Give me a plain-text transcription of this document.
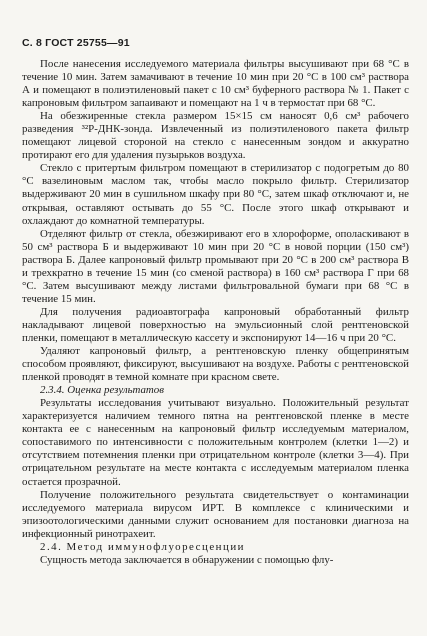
С. 8 ГОСТ 25755—91

После нанесения исследуемого материала фильтры высушивают при 68 °С в течение 10 мин. Затем замачивают в течение 10 мин при 20 °С в 100 см³ раствора А и помещают в полиэтиленовый пакет с 10 см³ буферного раствора № 1. Пакет с капроновым фильтром запаивают и помещают на 1 ч в термостат при 68 °С.

На обезжиренные стекла размером 15×15 см наносят 0,6 см³ рабочего разведения ³²Р-ДНК-зонда. Извлеченный из полиэтиленового пакета фильтр помещают лицевой стороной на стекло с нанесенным зондом и аккуратно протирают его для удаления пузырьков воздуха.

Стекло с притертым фильтром помещают в стерилизатор с подогретым до 80 °С вазелиновым маслом так, чтобы масло покрыло фильтр. Стерилизатор выдерживают 20 мин в сушильном шкафу при 80 °С, затем шкаф отключают и, не открывая, оставляют остывать до 55 °С. После этого шкаф открывают и охлаждают до комнатной температуры.

Отделяют фильтр от стекла, обезжиривают его в хлороформе, ополаскивают в 50 см³ раствора Б и выдерживают 10 мин при 20 °С в новой порции (150 см³) раствора Б. Далее капроновый фильтр промывают при 20 °С в 200 см³ раствора В и трехкратно в течение 15 мин (со сменой раствора) в 160 см³ раствора Г при 68 °С. Затем высушивают между листами фильтровальной бумаги при 68 °С в течение 15 мин.

Для получения радиоавтографа капроновый обработанный фильтр накладывают лицевой поверхностью на эмульсионный слой рентгеновской пленки, помещают в металлическую кассету и экспонируют 14—16 ч при 20 °С.

Удаляют капроновый фильтр, а рентгеновскую пленку общепринятым способом проявляют, фиксируют, высушивают на воздухе. Работы с рентгеновской пленкой проводят в темной комнате при красном свете.

2.3.4. Оценка результатов

Результаты исследования учитывают визуально. Положительный результат характеризуется наличием темного пятна на рентгеновской пленке в месте контакта ее с нанесенным на капроновый фильтр исследуемым материалом, сопоставимого по интенсивности с положительным контролем (клетки 1—2) и отсутствием потемнения пленки при отрицательном контроле (клетки 3—4). При отрицательном результате на месте контакта с исследуемым материалом пленка остается прозрачной.

Получение положительного результата свидетельствует о контаминации исследуемого материала вирусом ИРТ. В комплексе с клиническими и эпизоотологическими данными служит основанием для постановки диагноза на инфекционный ринотрахеит.

2.4. Метод иммунофлуоресценции

Сущность метода заключается в обнаружении с помощью флу-
